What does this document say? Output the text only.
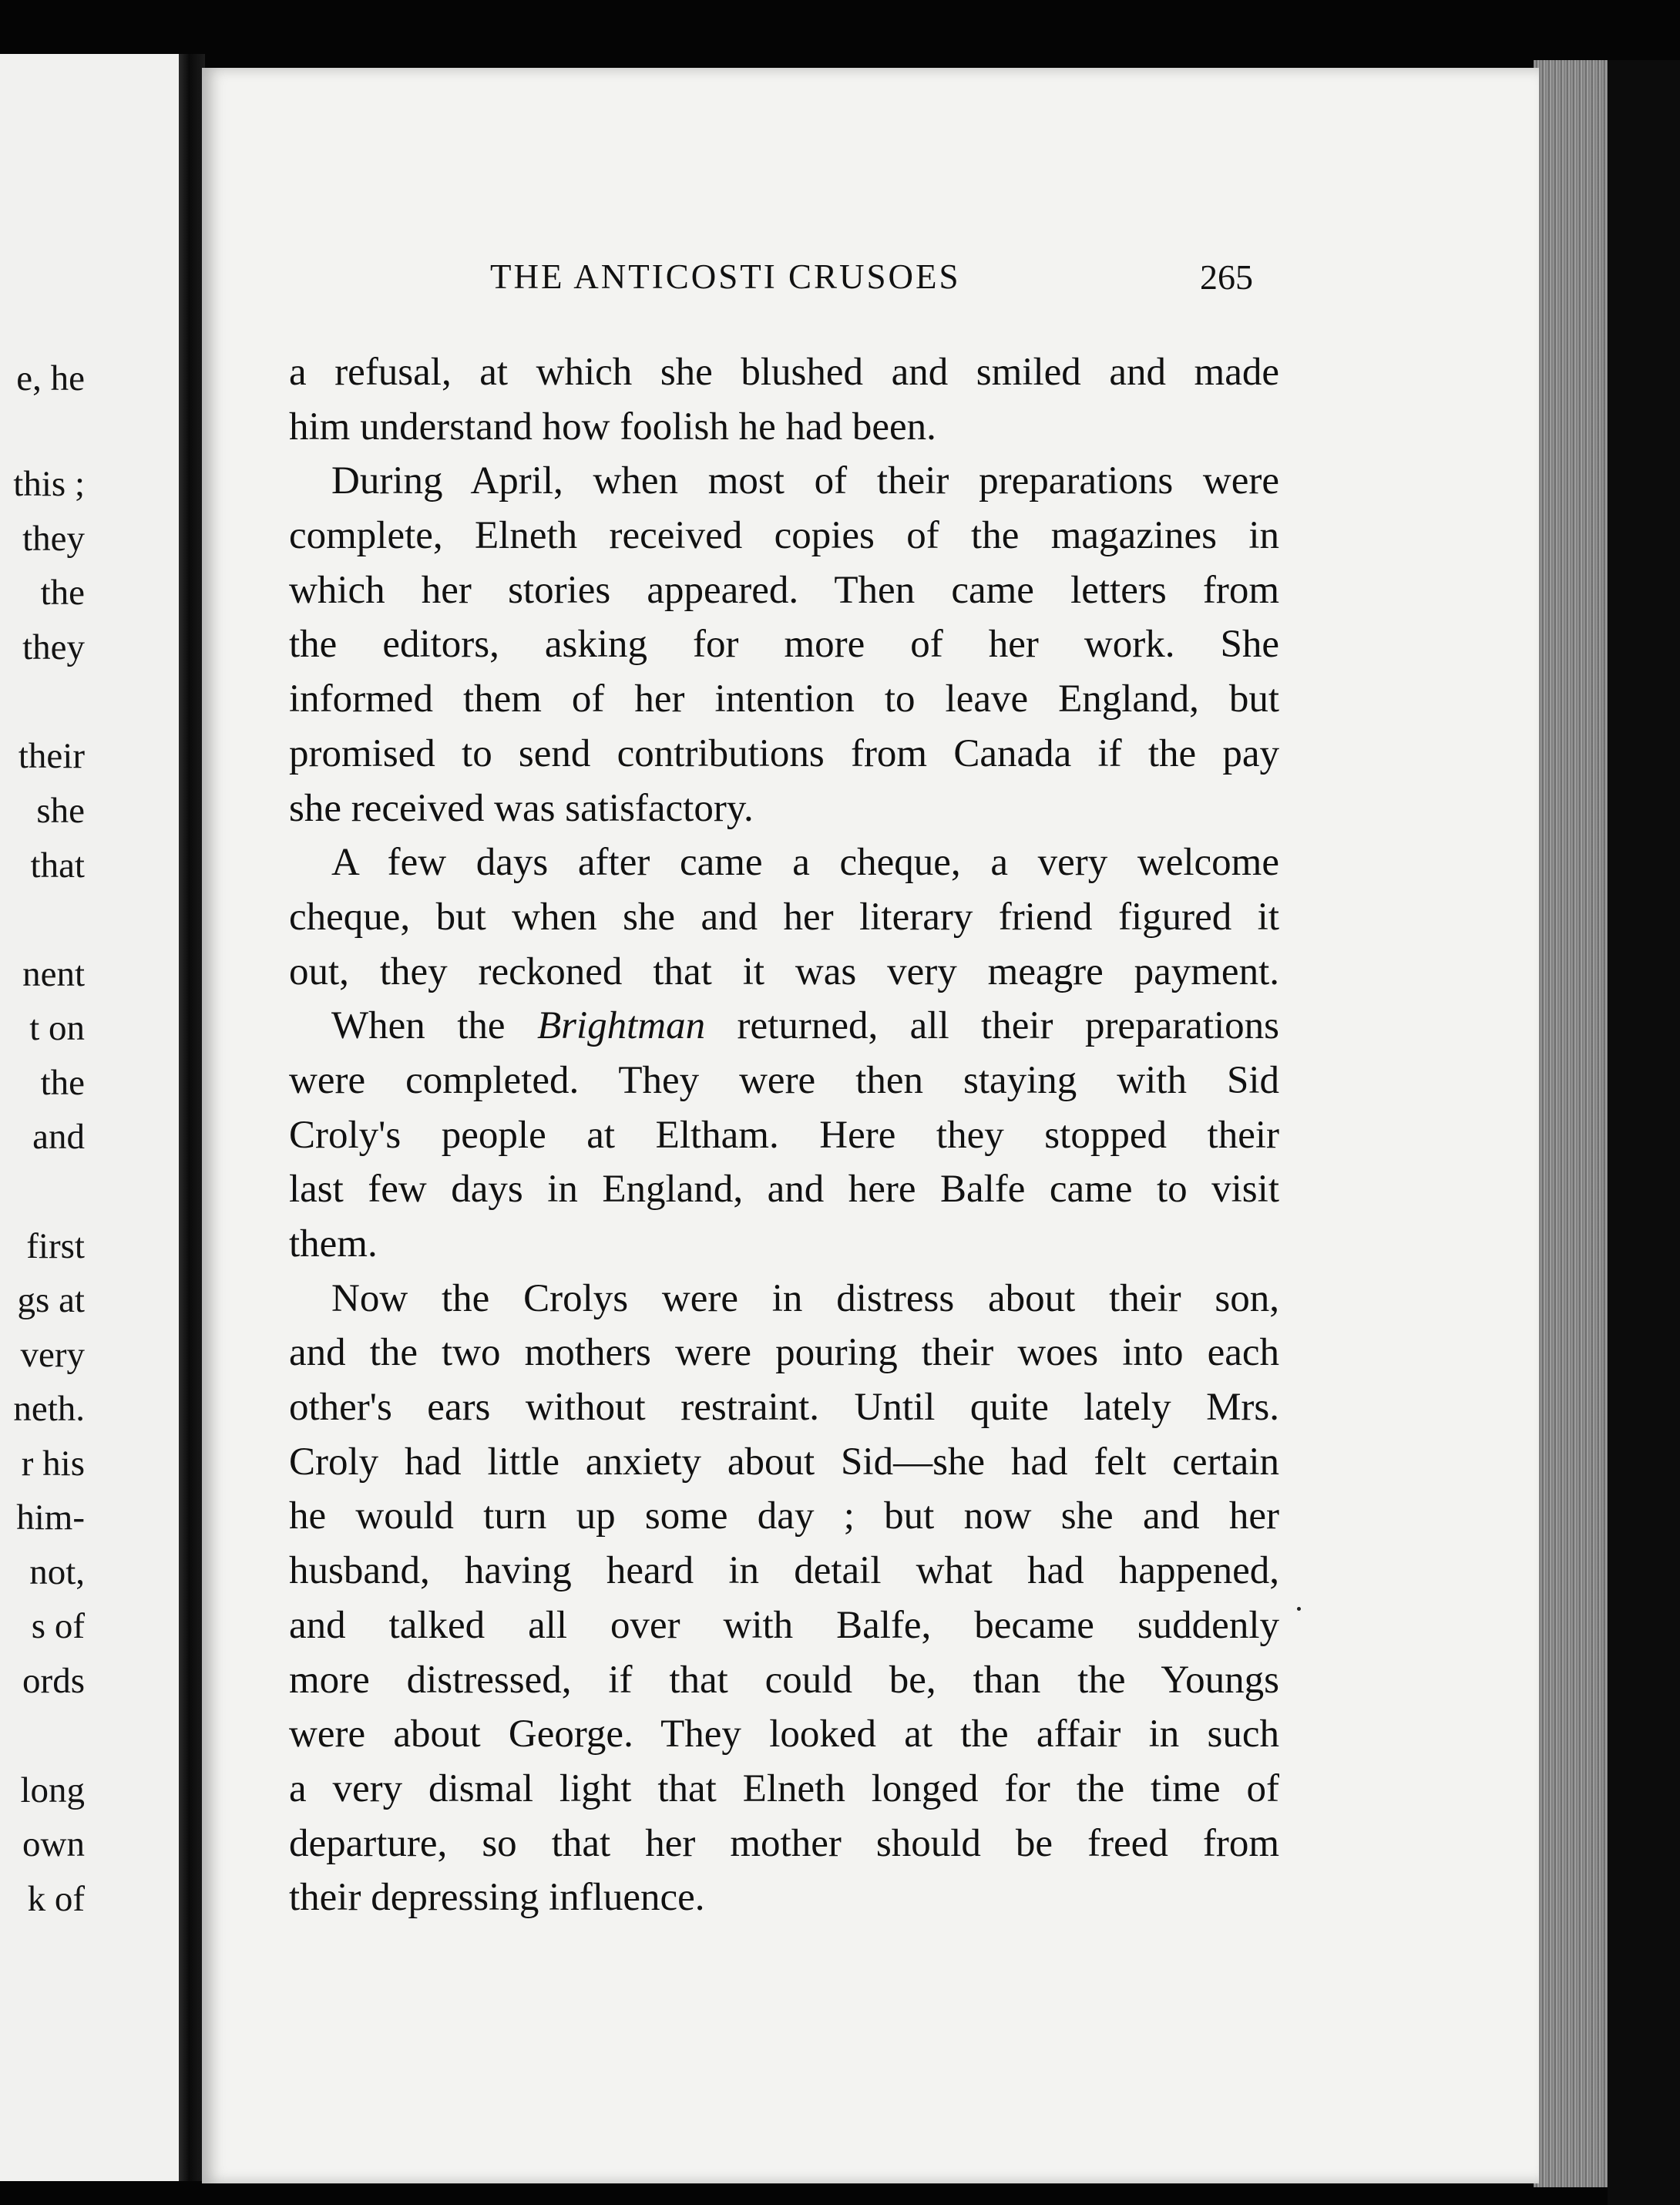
e, he
this ;
they
the
they
their
she
that
nent
t on
the
and
first
gs at
very
neth.
r his
him-
not,
s of
ords
long
own
k of
THE ANTICOSTI CRUSOES	265
a refusal, at which she blushed and smiled and made
him understand how foolish he had been.
During April, when most of their preparations were
complete, Elneth received copies of the magazines in
which her stories appeared. Then came letters from
the editors, asking for more of her work. She
informed them of her intention to leave England, but
promised to send contributions from Canada if the pay
she received was satisfactory.
A few days after came a cheque, a very welcome
cheque, but when she and her literary friend figured it
out, they reckoned that it was very meagre payment.
When the Brightman returned, all their preparations
were completed. They were then staying with Sid
Croly's people at Eltham. Here they stopped their
last few days in England, and here Balfe came to visit
them.
Now the Crolys were in distress about their son,
and the two mothers were pouring their woes into each
other's ears without restraint. Until quite lately Mrs.
Croly had little anxiety about Sid—she had felt certain
he would turn up some day ; but now she and her
husband, having heard in detail what had happened,
and talked all over with Balfe, became suddenly
more distressed, if that could be, than the Youngs
were about George. They looked at the affair in such
a very dismal light that Elneth longed for the time of
departure, so that her mother should be freed from
their depressing influence.
